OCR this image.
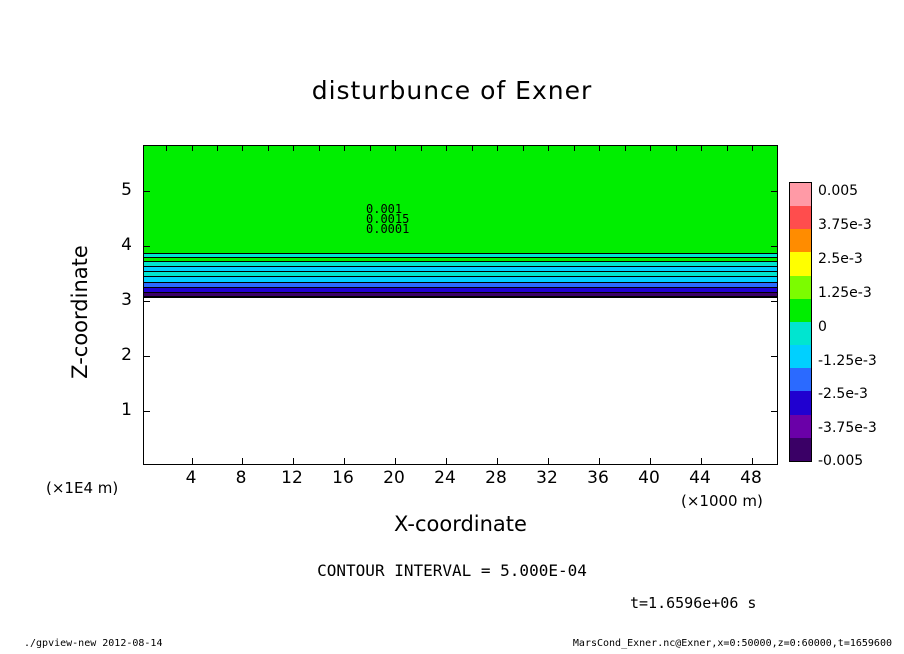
disturbunce of Exner
0.001
0.0015
0.0001
4 8 12 16 20 24 28 32 36 40 44 48
1
2
3
4
5
X-coordinate
Z-coordinate
(×1000 m)
(×1E4 m)
0.005
3.75e-3
2.5e-3
1.25e-3
0
-1.25e-3
-2.5e-3
-3.75e-3
-0.005
CONTOUR INTERVAL = 5.000E-04
t=1.6596e+06 s
./gpview-new 2012-08-14	MarsCond_Exner.nc@Exner,x=0:50000,z=0:60000,t=1659600
